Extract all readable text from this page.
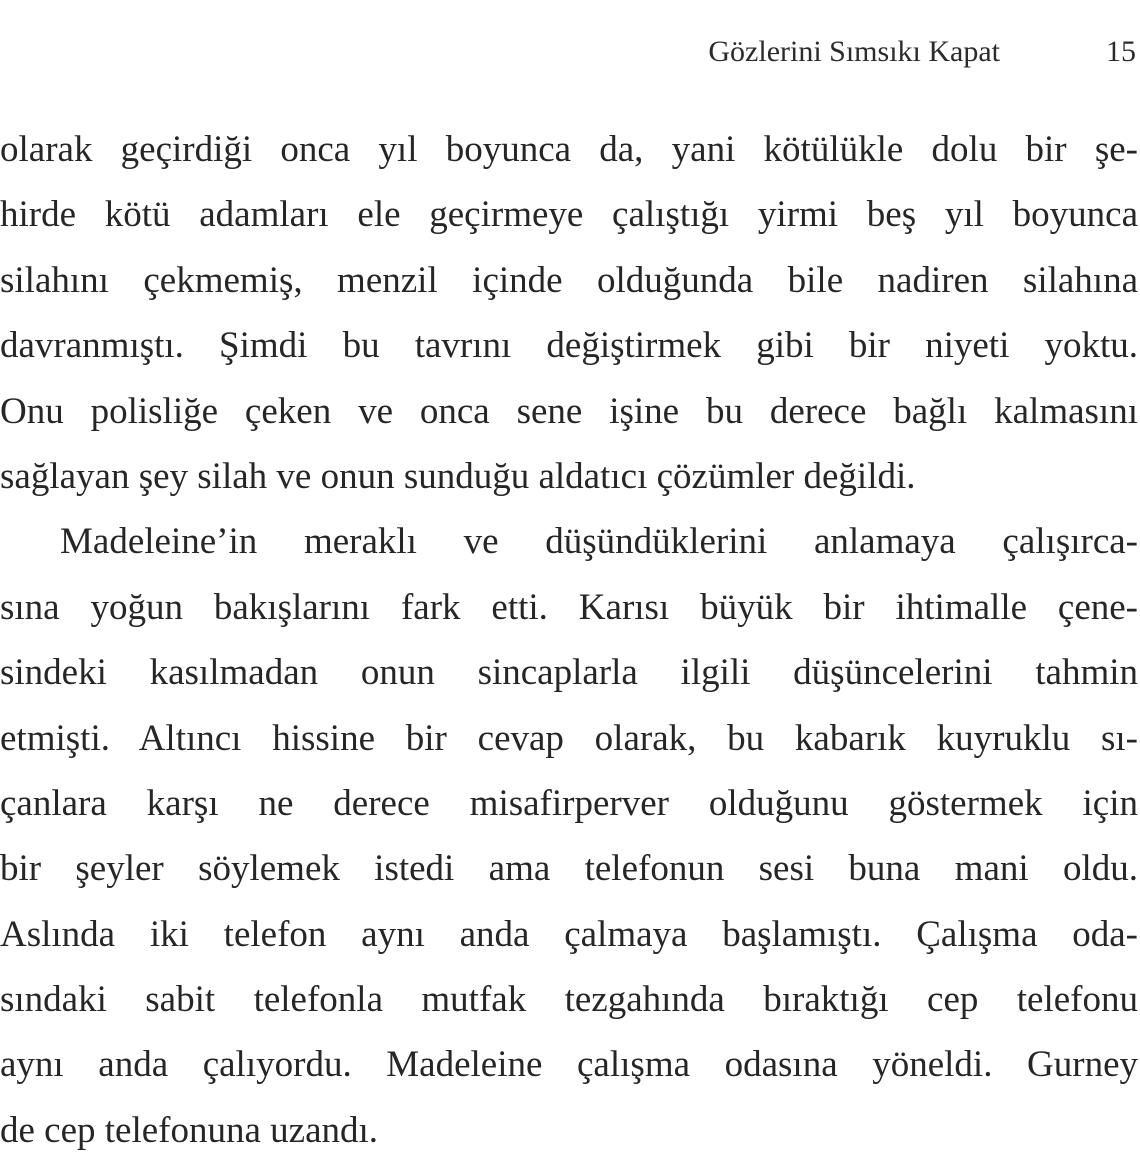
Gözlerini Sımsıkı Kapat	15
olarak geçirdiği onca yıl boyunca da, yani kötülükle dolu bir şe-
hirde kötü adamları ele geçirmeye çalıştığı yirmi beş yıl boyunca
silahını çekmemiş, menzil içinde olduğunda bile nadiren silahına
davranmıştı. Şimdi bu tavrını değiştirmek gibi bir niyeti yoktu.
Onu polisliğe çeken ve onca sene işine bu derece bağlı kalmasını
sağlayan şey silah ve onun sunduğu aldatıcı çözümler değildi.
Madeleine’in meraklı ve düşündüklerini anlamaya çalışırca-
sına yoğun bakışlarını fark etti. Karısı büyük bir ihtimalle çene-
sindeki kasılmadan onun sincaplarla ilgili düşüncelerini tahmin
etmişti. Altıncı hissine bir cevap olarak, bu kabarık kuyruklu sı-
çanlara karşı ne derece misafirperver olduğunu göstermek için
bir şeyler söylemek istedi ama telefonun sesi buna mani oldu.
Aslında iki telefon aynı anda çalmaya başlamıştı. Çalışma oda-
sındaki sabit telefonla mutfak tezgahında bıraktığı cep telefonu
aynı anda çalıyordu. Madeleine çalışma odasına yöneldi. Gurney
de cep telefonuna uzandı.
